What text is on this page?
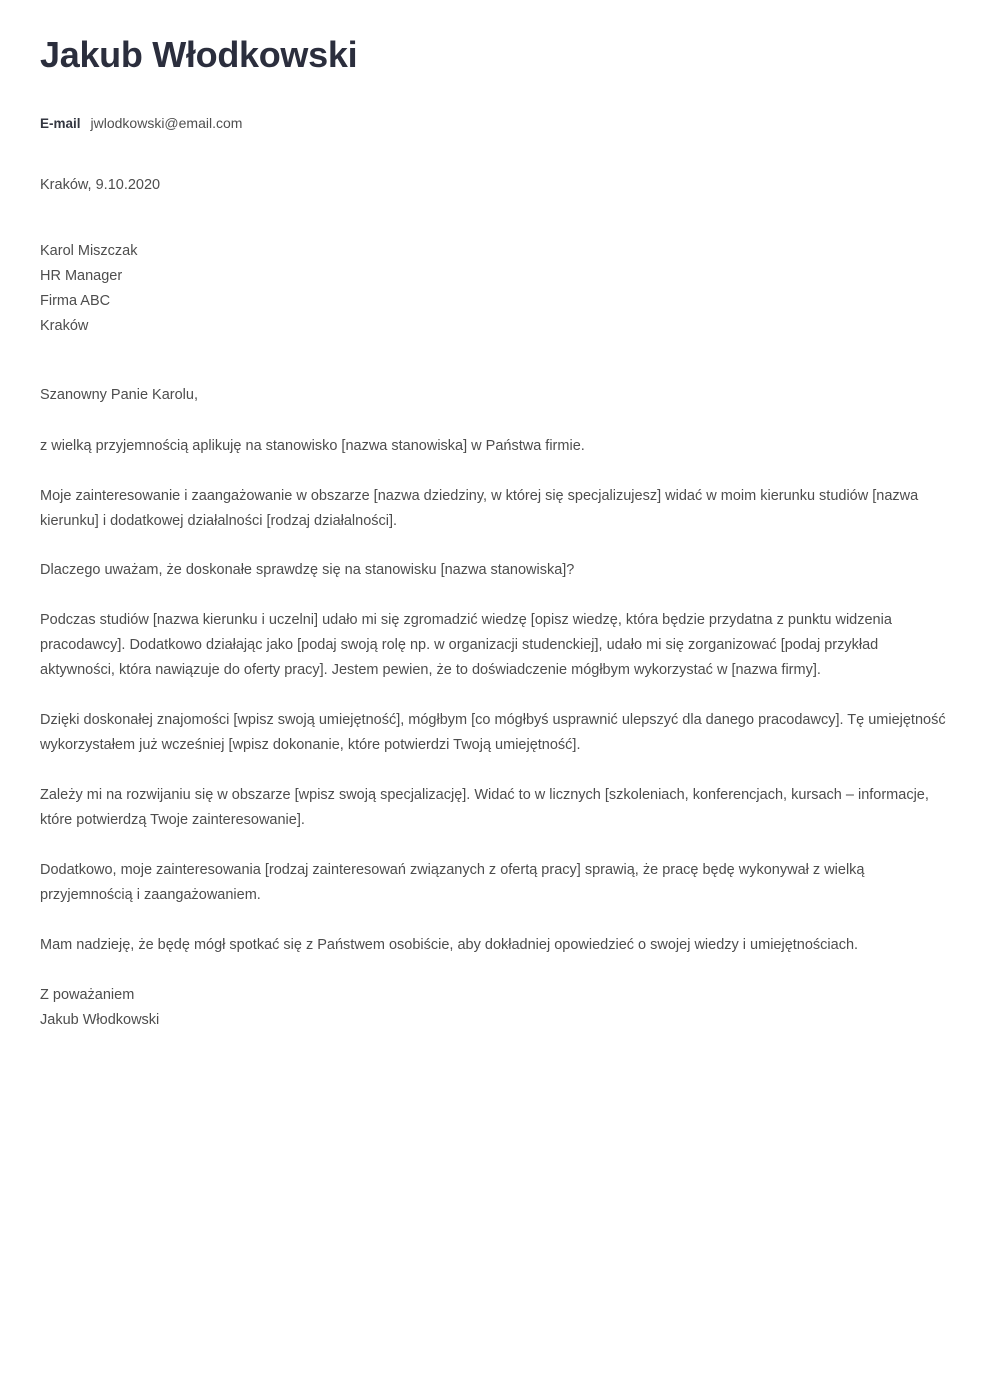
Jakub Włodkowski
E-mail jwlodkowski@email.com
Kraków, 9.10.2020
Karol Miszczak
HR Manager
Firma ABC
Kraków
Szanowny Panie Karolu,

z wielką przyjemnością aplikuję na stanowisko [nazwa stanowiska] w Państwa firmie.

Moje zainteresowanie i zaangażowanie w obszarze [nazwa dziedziny, w której się specjalizujesz] widać w moim kierunku studiów [nazwa kierunku] i dodatkowej działalności [rodzaj działalności].

Dlaczego uważam, że doskonałe sprawdzę się na stanowisku [nazwa stanowiska]?

Podczas studiów [nazwa kierunku i uczelni] udało mi się zgromadzić wiedzę [opisz wiedzę, która będzie przydatna z punktu widzenia pracodawcy]. Dodatkowo działając jako [podaj swoją rolę np. w organizacji studenckiej], udało mi się zorganizować [podaj przykład aktywności, która nawiązuje do oferty pracy]. Jestem pewien, że to doświadczenie mógłbym wykorzystać w [nazwa firmy].

Dzięki doskonałej znajomości [wpisz swoją umiejętność], mógłbym [co mógłbyś usprawnić ulepszyć dla danego pracodawcy]. Tę umiejętność wykorzystałem już wcześniej [wpisz dokonanie, które potwierdzi Twoją umiejętność].

Zależy mi na rozwijaniu się w obszarze [wpisz swoją specjalizację]. Widać to w licznych [szkoleniach, konferencjach, kursach – informacje, które potwierdzą Twoje zainteresowanie].

Dodatkowo, moje zainteresowania [rodzaj zainteresowań związanych z ofertą pracy] sprawią, że pracę będę wykonywał z wielką przyjemnością i zaangażowaniem.

Mam nadzieję, że będę mógł spotkać się z Państwem osobiście, aby dokładniej opowiedzieć o swojej wiedzy i umiejętnościach.

Z poważaniem
Jakub Włodkowski
